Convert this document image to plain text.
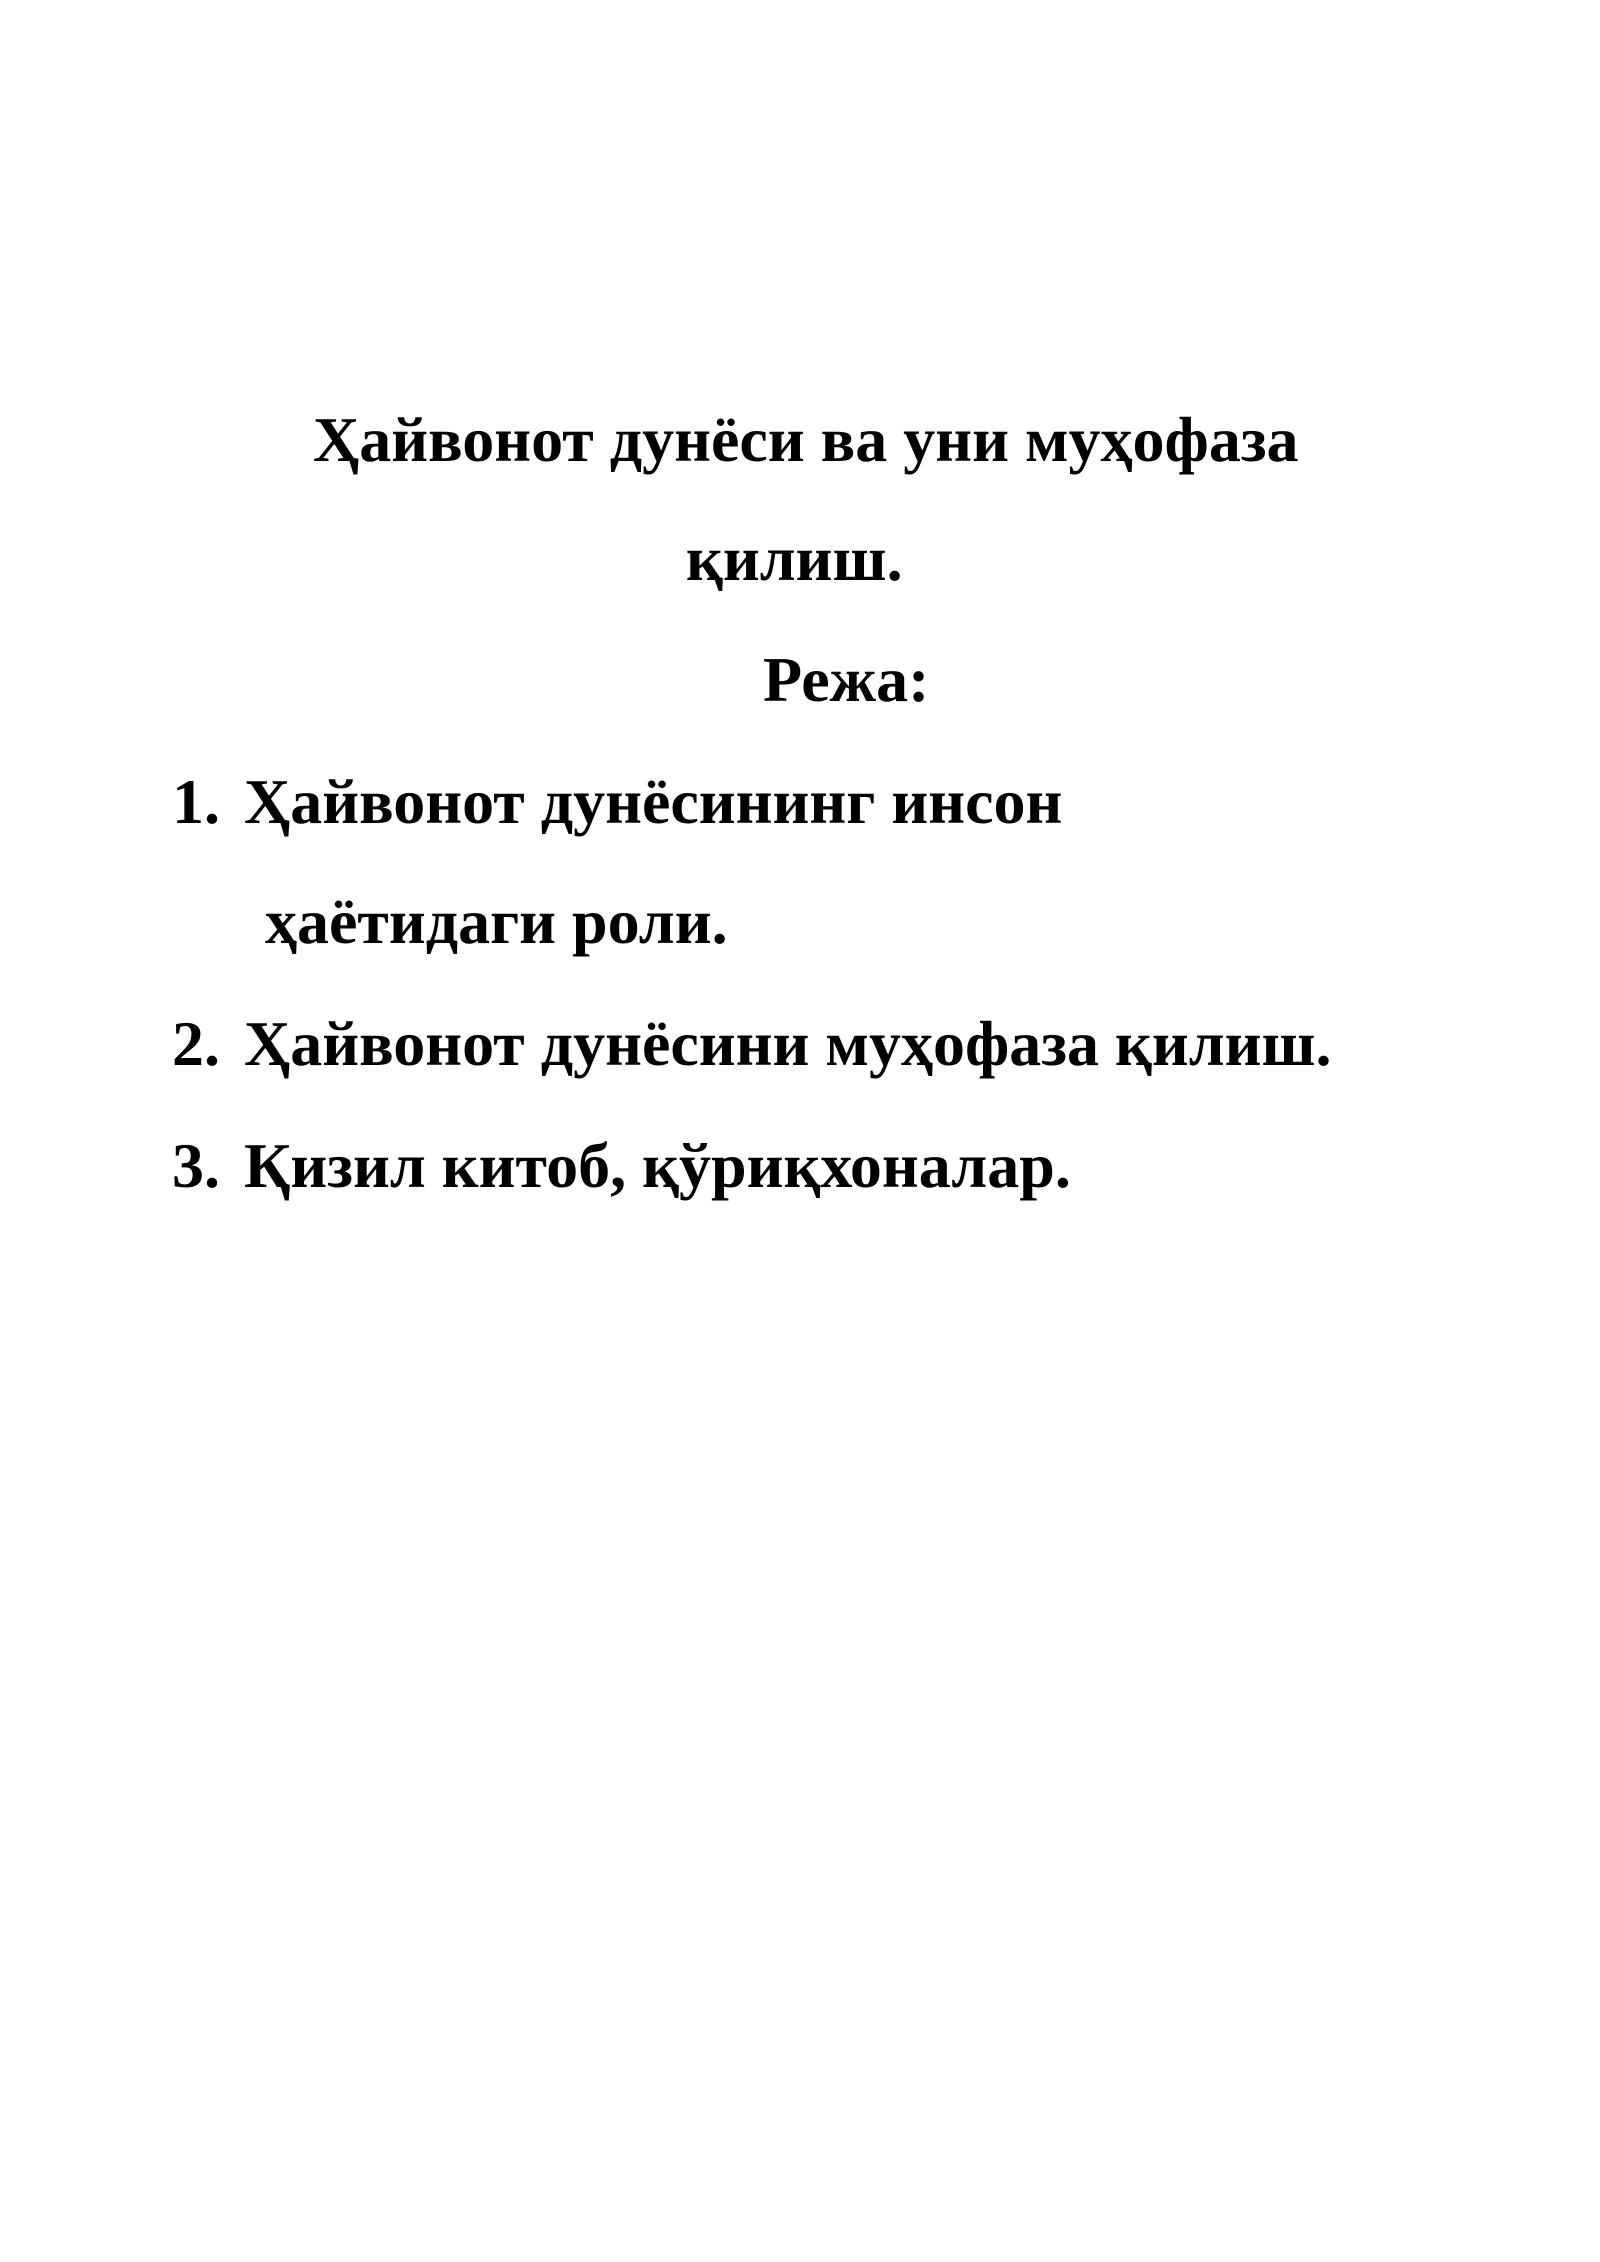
Ҳайвонот дунёси ва уни муҳофаза
қилиш.
Режа:
1. Ҳайвонот дунёсининг инсон
ҳаётидаги роли.
2. Ҳайвонот дунёсини муҳофаза қилиш.
3. Қизил китоб, қўриқхоналар.
